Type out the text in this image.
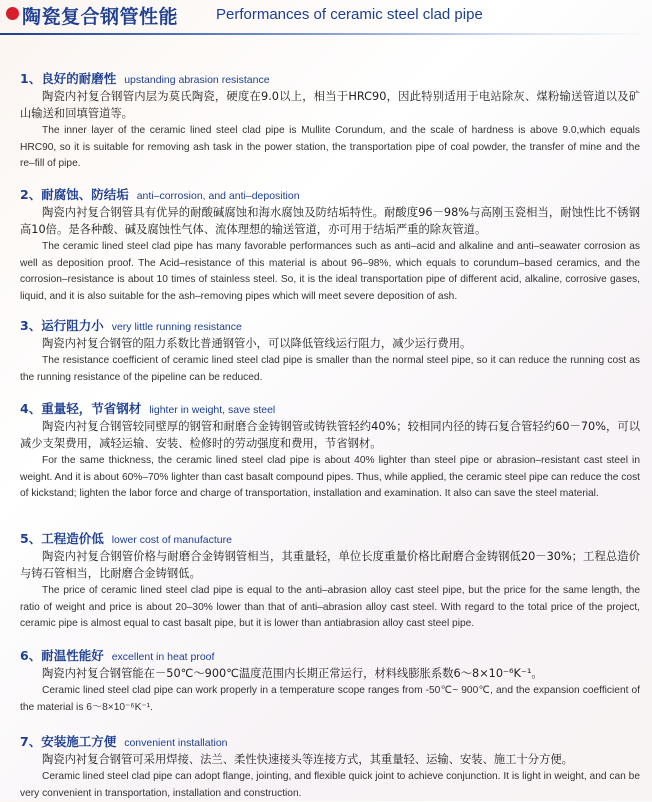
陶瓷复合钢管性能	Performances of ceramic steel clad pipe
1、良好的耐磨性 upstanding abrasion resistance

陶瓷内衬复合钢管内层为莫氏陶瓷，硬度在9.0以上，相当于HRC90，因此特别适用于电站除灰、煤粉输送管道以及矿山输送和回填管道等。

The inner layer of the ceramic lined steel clad pipe is Mullite Corundum, and the scale of hardness is above 9.0,which equals HRC90, so it is suitable for removing ash task in the power station, the transportation pipe of coal powder, the transfer of mine and the re–fill of pipe.

2、耐腐蚀、防结垢 anti–corrosion, and anti–deposition

陶瓷内衬复合钢管具有优异的耐酸碱腐蚀和海水腐蚀及防结垢特性。耐酸度96－98%与高刚玉瓷相当，耐蚀性比不锈钢高10倍。是各种酸、碱及腐蚀性气体、流体理想的输送管道，亦可用于结垢严重的除灰管道。

The ceramic lined steel clad pipe has many favorable performances such as anti–acid and alkaline and anti–seawater corrosion as well as deposition proof. The Acid–resistance of this material is about 96–98%, which equals to corundum–based ceramics, and the corrosion–resistance is about 10 times of stainless steel. So, it is the ideal transportation pipe of different acid, alkaline, corrosive gases, liquid, and it is also suitable for the ash–removing pipes which will meet severe deposition of ash.

3、运行阻力小 very little running resistance

陶瓷内衬复合钢管的阻力系数比普通钢管小，可以降低管线运行阻力，减少运行费用。

The resistance coefficient of ceramic lined steel clad pipe is smaller than the normal steel pipe, so it can reduce the running cost as the running resistance of the pipeline can be reduced.

4、重量轻，节省钢材 lighter in weight, save steel

陶瓷内衬复合钢管较同壁厚的钢管和耐磨合金铸钢管或铸铁管轻约40%；较相同内径的铸石复合管轻约60－70%，可以减少支架费用，减轻运输、安装、检修时的劳动强度和费用，节省钢材。

For the same thickness, the ceramic lined steel clad pipe is about 40% lighter than steel pipe or abrasion–resistant cast steel in weight. And it is about 60%–70% lighter than cast basalt compound pipes. Thus, while applied, the ceramic steel pipe can reduce the cost of kickstand; lighten the labor force and charge of transportation, installation and examination. It also can save the steel material.

5、工程造价低 lower cost of manufacture

陶瓷内衬复合钢管价格与耐磨合金铸钢管相当，其重量轻，单位长度重量价格比耐磨合金铸钢低20－30%；工程总造价与铸石管相当，比耐磨合金铸钢低。

The price of ceramic lined steel clad pipe is equal to the anti–abrasion alloy cast steel pipe, but the price for the same length, the ratio of weight and price is about 20–30% lower than that of anti–abrasion alloy cast steel. With regard to the total price of the project, ceramic pipe is almost equal to cast basalt pipe, but it is lower than antiabrasion alloy cast steel pipe.

6、耐温性能好 excellent in heat proof

陶瓷内衬复合钢管能在－50℃～900℃温度范围内长期正常运行，材料线膨胀系数6～8×10⁻⁶K⁻¹。

Ceramic lined steel clad pipe can work properly in a temperature scope ranges from -50℃~ 900℃, and the expansion coefficient of the material is 6～8×10⁻⁶K⁻¹.

7、安装施工方便 convenient installation

陶瓷内衬复合钢管可采用焊接、法兰、柔性快速接头等连接方式，其重量轻、运输、安装、施工十分方便。

Ceramic lined steel clad pipe can adopt flange, jointing, and flexible quick joint to achieve conjunction. It is light in weight, and can be very convenient in transportation, installation and construction.
